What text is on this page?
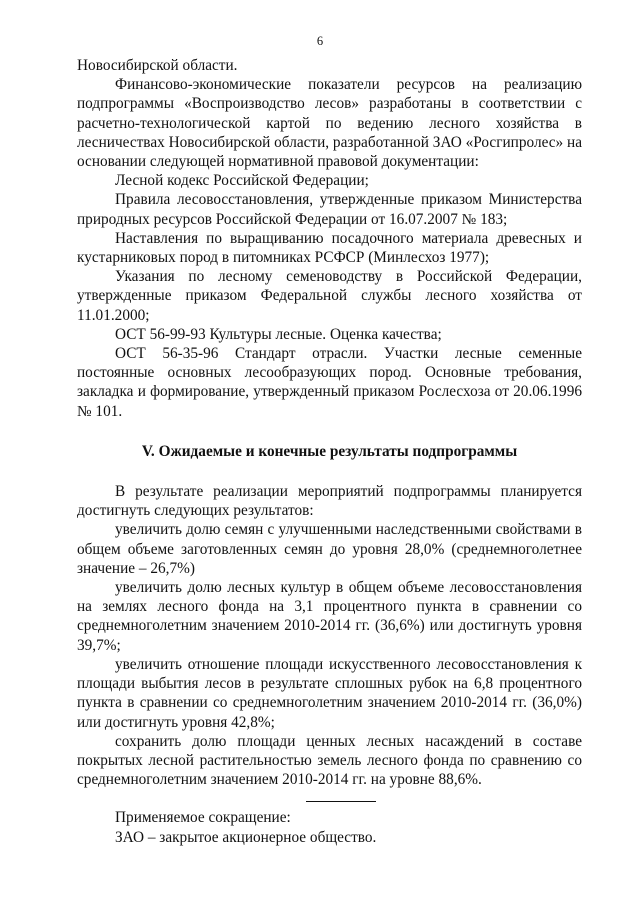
6

Новосибирской области.

Финансово-экономические показатели ресурсов на реализацию подпрограммы «Воспроизводство лесов» разработаны в соответствии с расчетно-технологической картой по ведению лесного хозяйства в лесничествах Новосибирской области, разработанной ЗАО «Росгипролес» на основании следующей нормативной правовой документации:

Лесной кодекс Российской Федерации;

Правила лесовосстановления, утвержденные приказом Министерства природных ресурсов Российской Федерации от 16.07.2007 № 183;

Наставления по выращиванию посадочного материала древесных и кустарниковых пород в питомниках РСФСР (Минлесхоз 1977);

Указания по лесному семеноводству в Российской Федерации, утвержденные приказом Федеральной службы лесного хозяйства от 11.01.2000;

ОСТ 56-99-93 Культуры лесные. Оценка качества;

ОСТ 56-35-96 Стандарт отрасли. Участки лесные семенные постоянные основных лесообразующих пород. Основные требования, закладка и формирование, утвержденный приказом Рослесхоза от 20.06.1996 № 101.

V. Ожидаемые и конечные результаты подпрограммы

В результате реализации мероприятий подпрограммы планируется достигнуть следующих результатов:

увеличить долю семян с улучшенными наследственными свойствами в общем объеме заготовленных семян до уровня 28,0% (среднемноголетнее значение – 26,7%)

увеличить долю лесных культур в общем объеме лесовосстановления на землях лесного фонда на 3,1 процентного пункта в сравнении со среднемноголетним значением 2010-2014 гг. (36,6%) или достигнуть уровня 39,7%;

увеличить отношение площади искусственного лесовосстановления к площади выбытия лесов в результате сплошных рубок на 6,8 процентного пункта в сравнении со среднемноголетним значением 2010-2014 гг. (36,0%) или достигнуть уровня 42,8%;

сохранить долю площади ценных лесных насаждений в составе покрытых лесной растительностью земель лесного фонда по сравнению со среднемноголетним значением 2010-2014 гг. на уровне 88,6%.

Применяемое сокращение:

ЗАО – закрытое акционерное общество.
